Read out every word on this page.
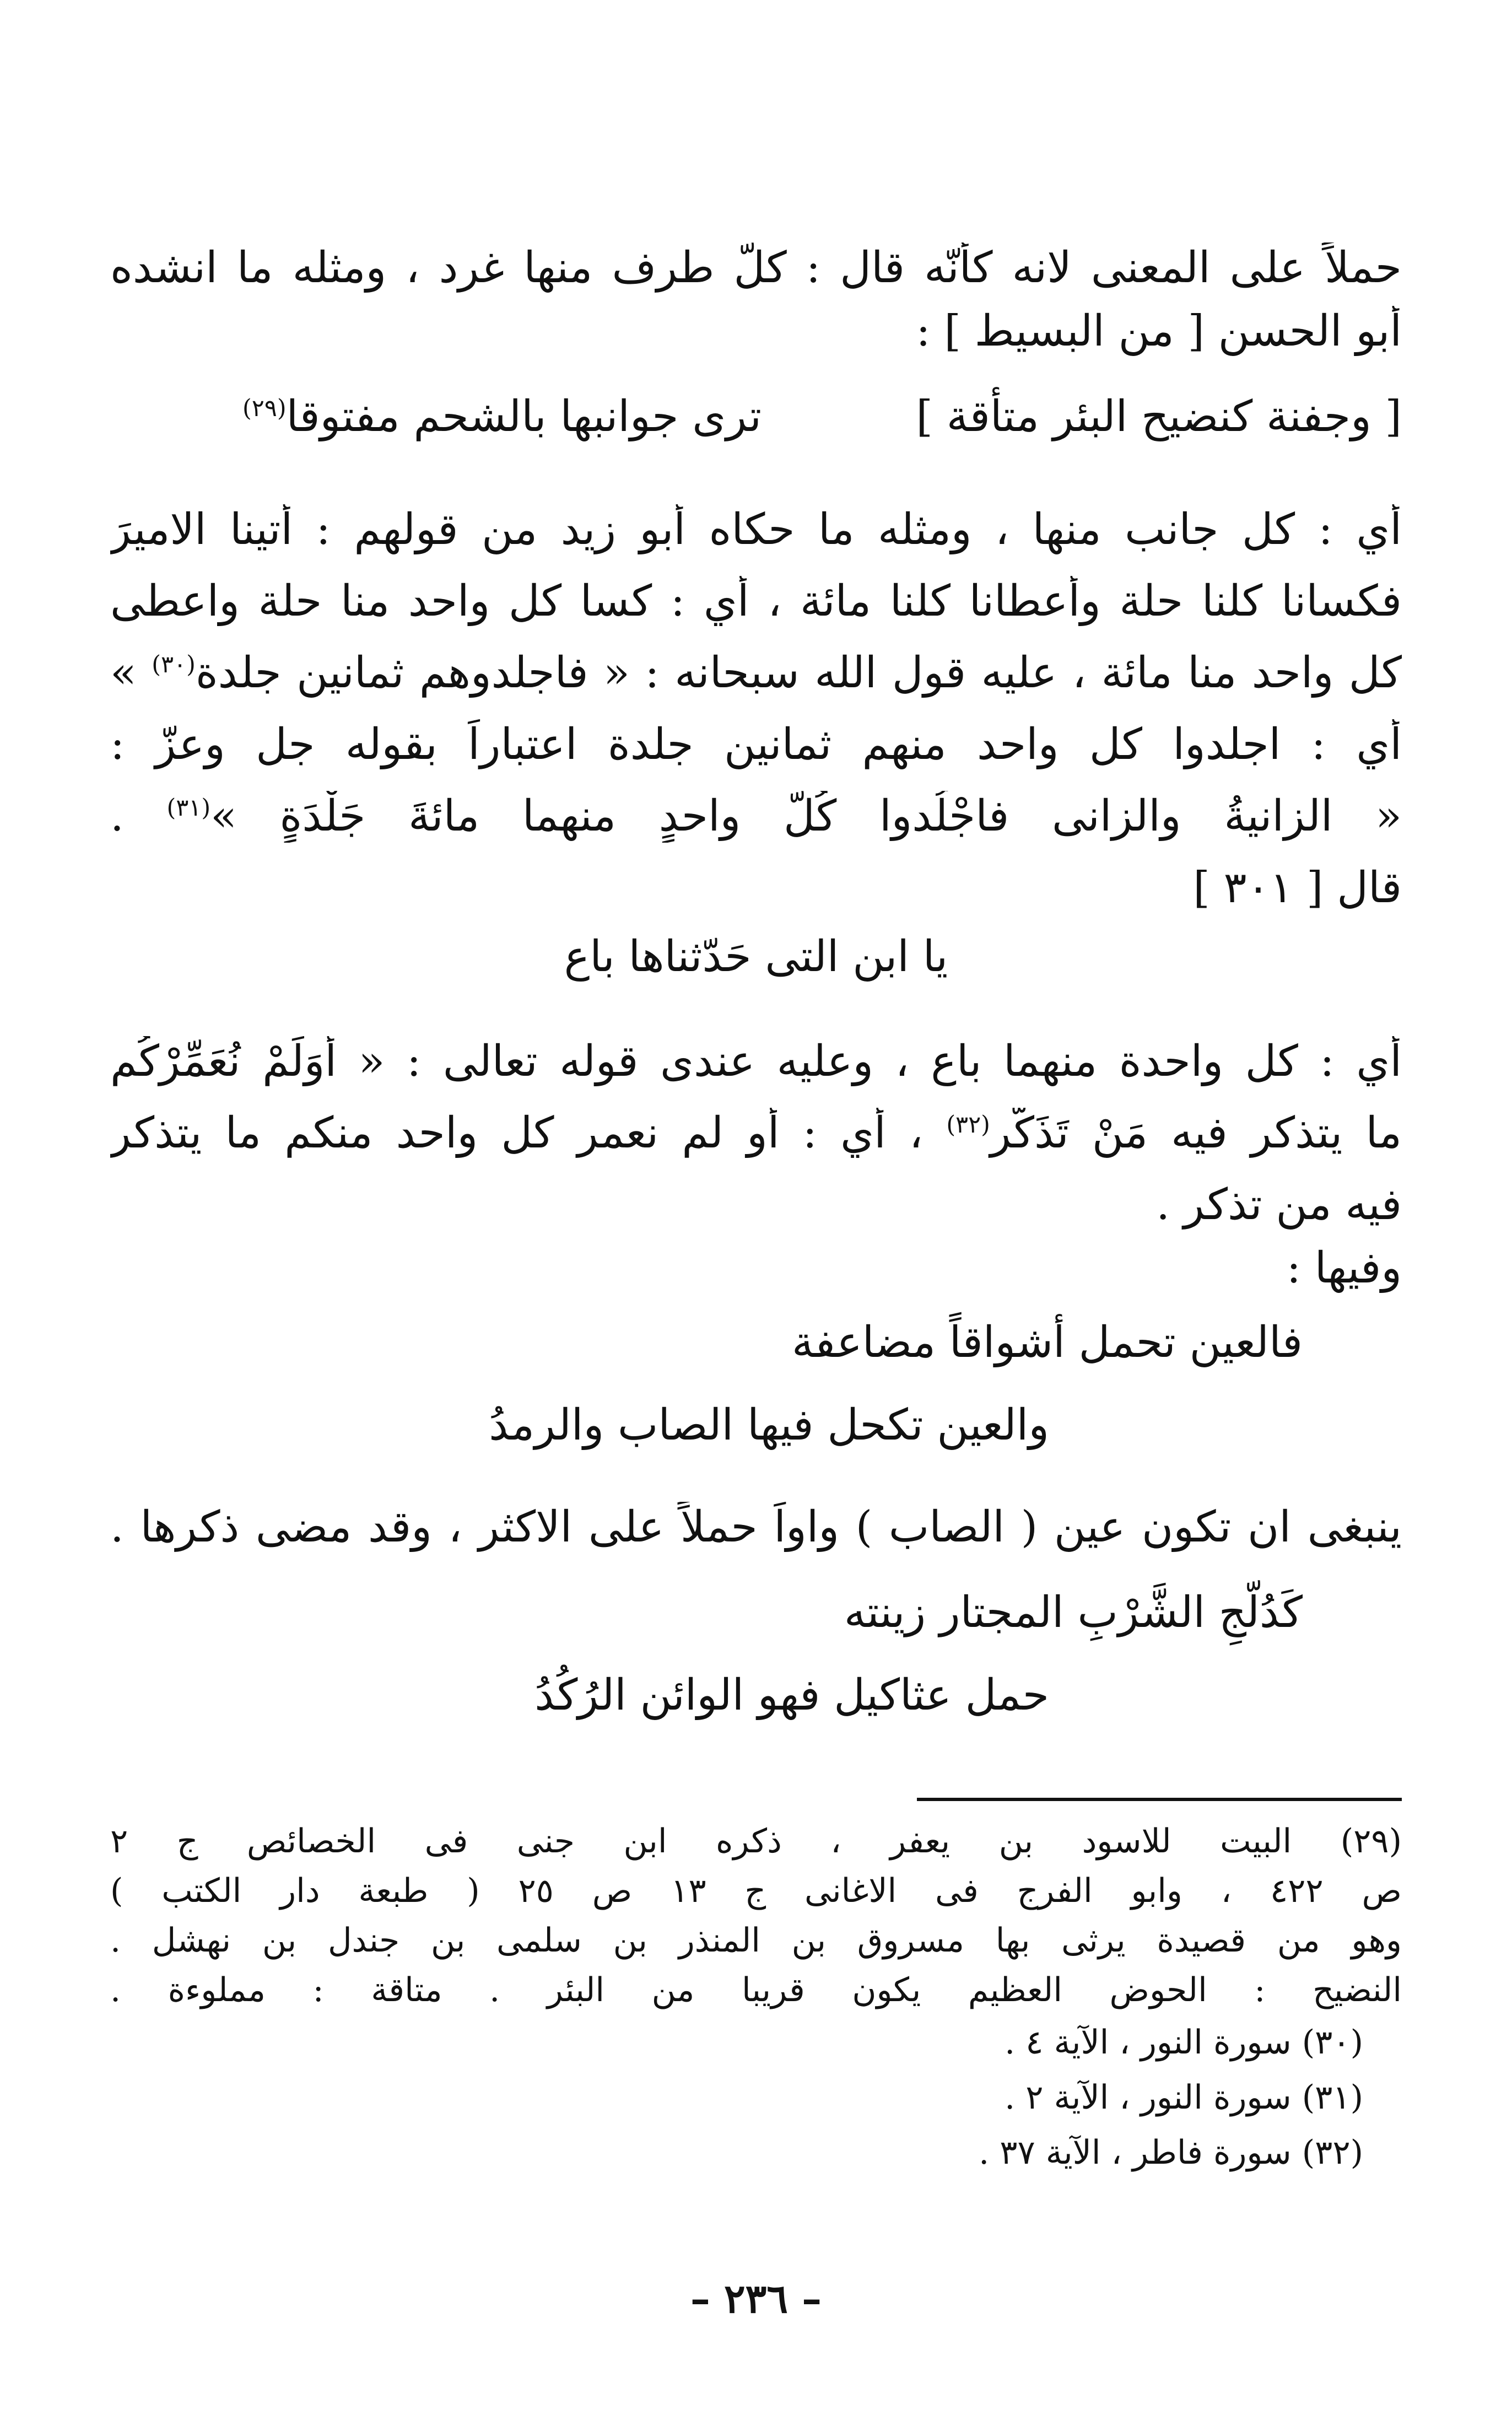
حملاً على المعنى لانه كأنّه قال : كلّ طرف منها غرد ، ومثله ما انشده
أبو الحسن [ من البسيط ] :
[ وجفنة كنضيح البئر متأقة ]
ترى جوانبها بالشحم مفتوقا$^{(٢٩)}$
أي : كل جانب منها ، ومثله ما حكاه أبو زيد من قولهم : أتينا الاميرَ
فكسانا كلنا حلة وأعطانا كلنا مائة ، أي : كسا كل واحد منا حلة واعطى
كل واحد منا مائة ، عليه قول الله سبحانه : « فاجلدوهم ثمانين جلدة$^{(٣٠)}$ »
أي : اجلدوا كل واحد منهم ثمانين جلدة اعتباراً بقوله جل وعزّ :
« الزانيةُ والزانى فاجْلُدوا كُلَّ واحدٍ منهما مائةَ جَلْدَةٍ »$^{(٣١)}$ .
قال [ ٣٠١ ]
يا ابن التى حَدّثناها باع
أي : كل واحدة منهما باع ، وعليه عندى قوله تعالى : « أوَلَمْ نُعَمِّرْكُم
ما يتذكر فيه مَنْ تَذَكّر$^{(٣٢)}$ ، أي : أو لم نعمر كل واحد منكم ما يتذكر
فيه من تذكر .
وفيها :
فالعين تحمل أشواقاً مضاعفة
والعين تكحل فيها الصاب والرمدُ
ينبغى ان تكون عين ( الصاب ) واواً حملاً على الاكثر ، وقد مضى ذكرها .
كَدُلّجِ الشَّرْبِ المجتار زينته
حمل عثاكيل فهو الوائن الرُكُدُ
(٢٩) البيت للاسود بن يعفر ، ذكره ابن جنى فى الخصائص ج ٢
ص ٤٢٢ ، وابو الفرج فى الاغانى ج ١٣ ص ٢٥ ( طبعة دار الكتب )
وهو من قصيدة يرثى بها مسروق بن المنذر بن سلمى بن جندل بن نهشل .
النضيح : الحوض العظيم يكون قريبا من البئر . متاقة : مملوءة .
(٣٠) سورة النور ، الآية ٤ .
(٣١) سورة النور ، الآية ٢ .
(٣٢) سورة فاطر ، الآية ٣٧ .
– ٢٣٦ –
